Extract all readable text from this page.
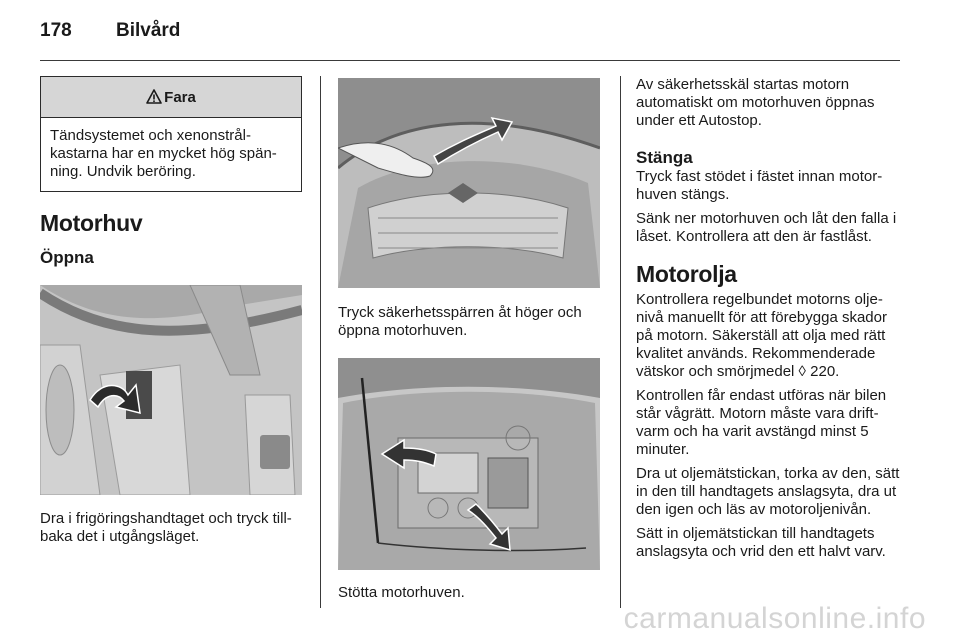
178	Bilvård
Fara
Tändsystemet och xenonstrålkastarna har en mycket hög spänning. Undvik beröring.
Motorhuv
Öppna

Dra i frigöringshandtaget och tryck tillbaka det i utgångsläget.

Tryck säkerhetsspärren åt höger och öppna motorhuven.

Stötta motorhuven.

Av säkerhetsskäl startas motorn automatiskt om motorhuven öppnas under ett Autostop.

Stänga

Tryck fast stödet i fästet innan motorhuven stängs.

Sänk ner motorhuven och låt den falla i låset. Kontrollera att den är fastlåst.

Motorolja

Kontrollera regelbundet motorns oljenivå manuellt för att förebygga skador på motorn. Säkerställ att olja med rätt kvalitet används. Rekommenderade vätskor och smörjmedel ◊ 220.

Kontrollen får endast utföras när bilen står vågrätt. Motorn måste vara driftvarm och ha varit avstängd minst 5 minuter.

Dra ut oljemätstickan, torka av den, sätt in den till handtagets anslagsyta, dra ut den igen och läs av motoroljenivån.

Sätt in oljemätstickan till handtagets anslagsyta och vrid den ett halvt varv.

carmanualsonline.info
